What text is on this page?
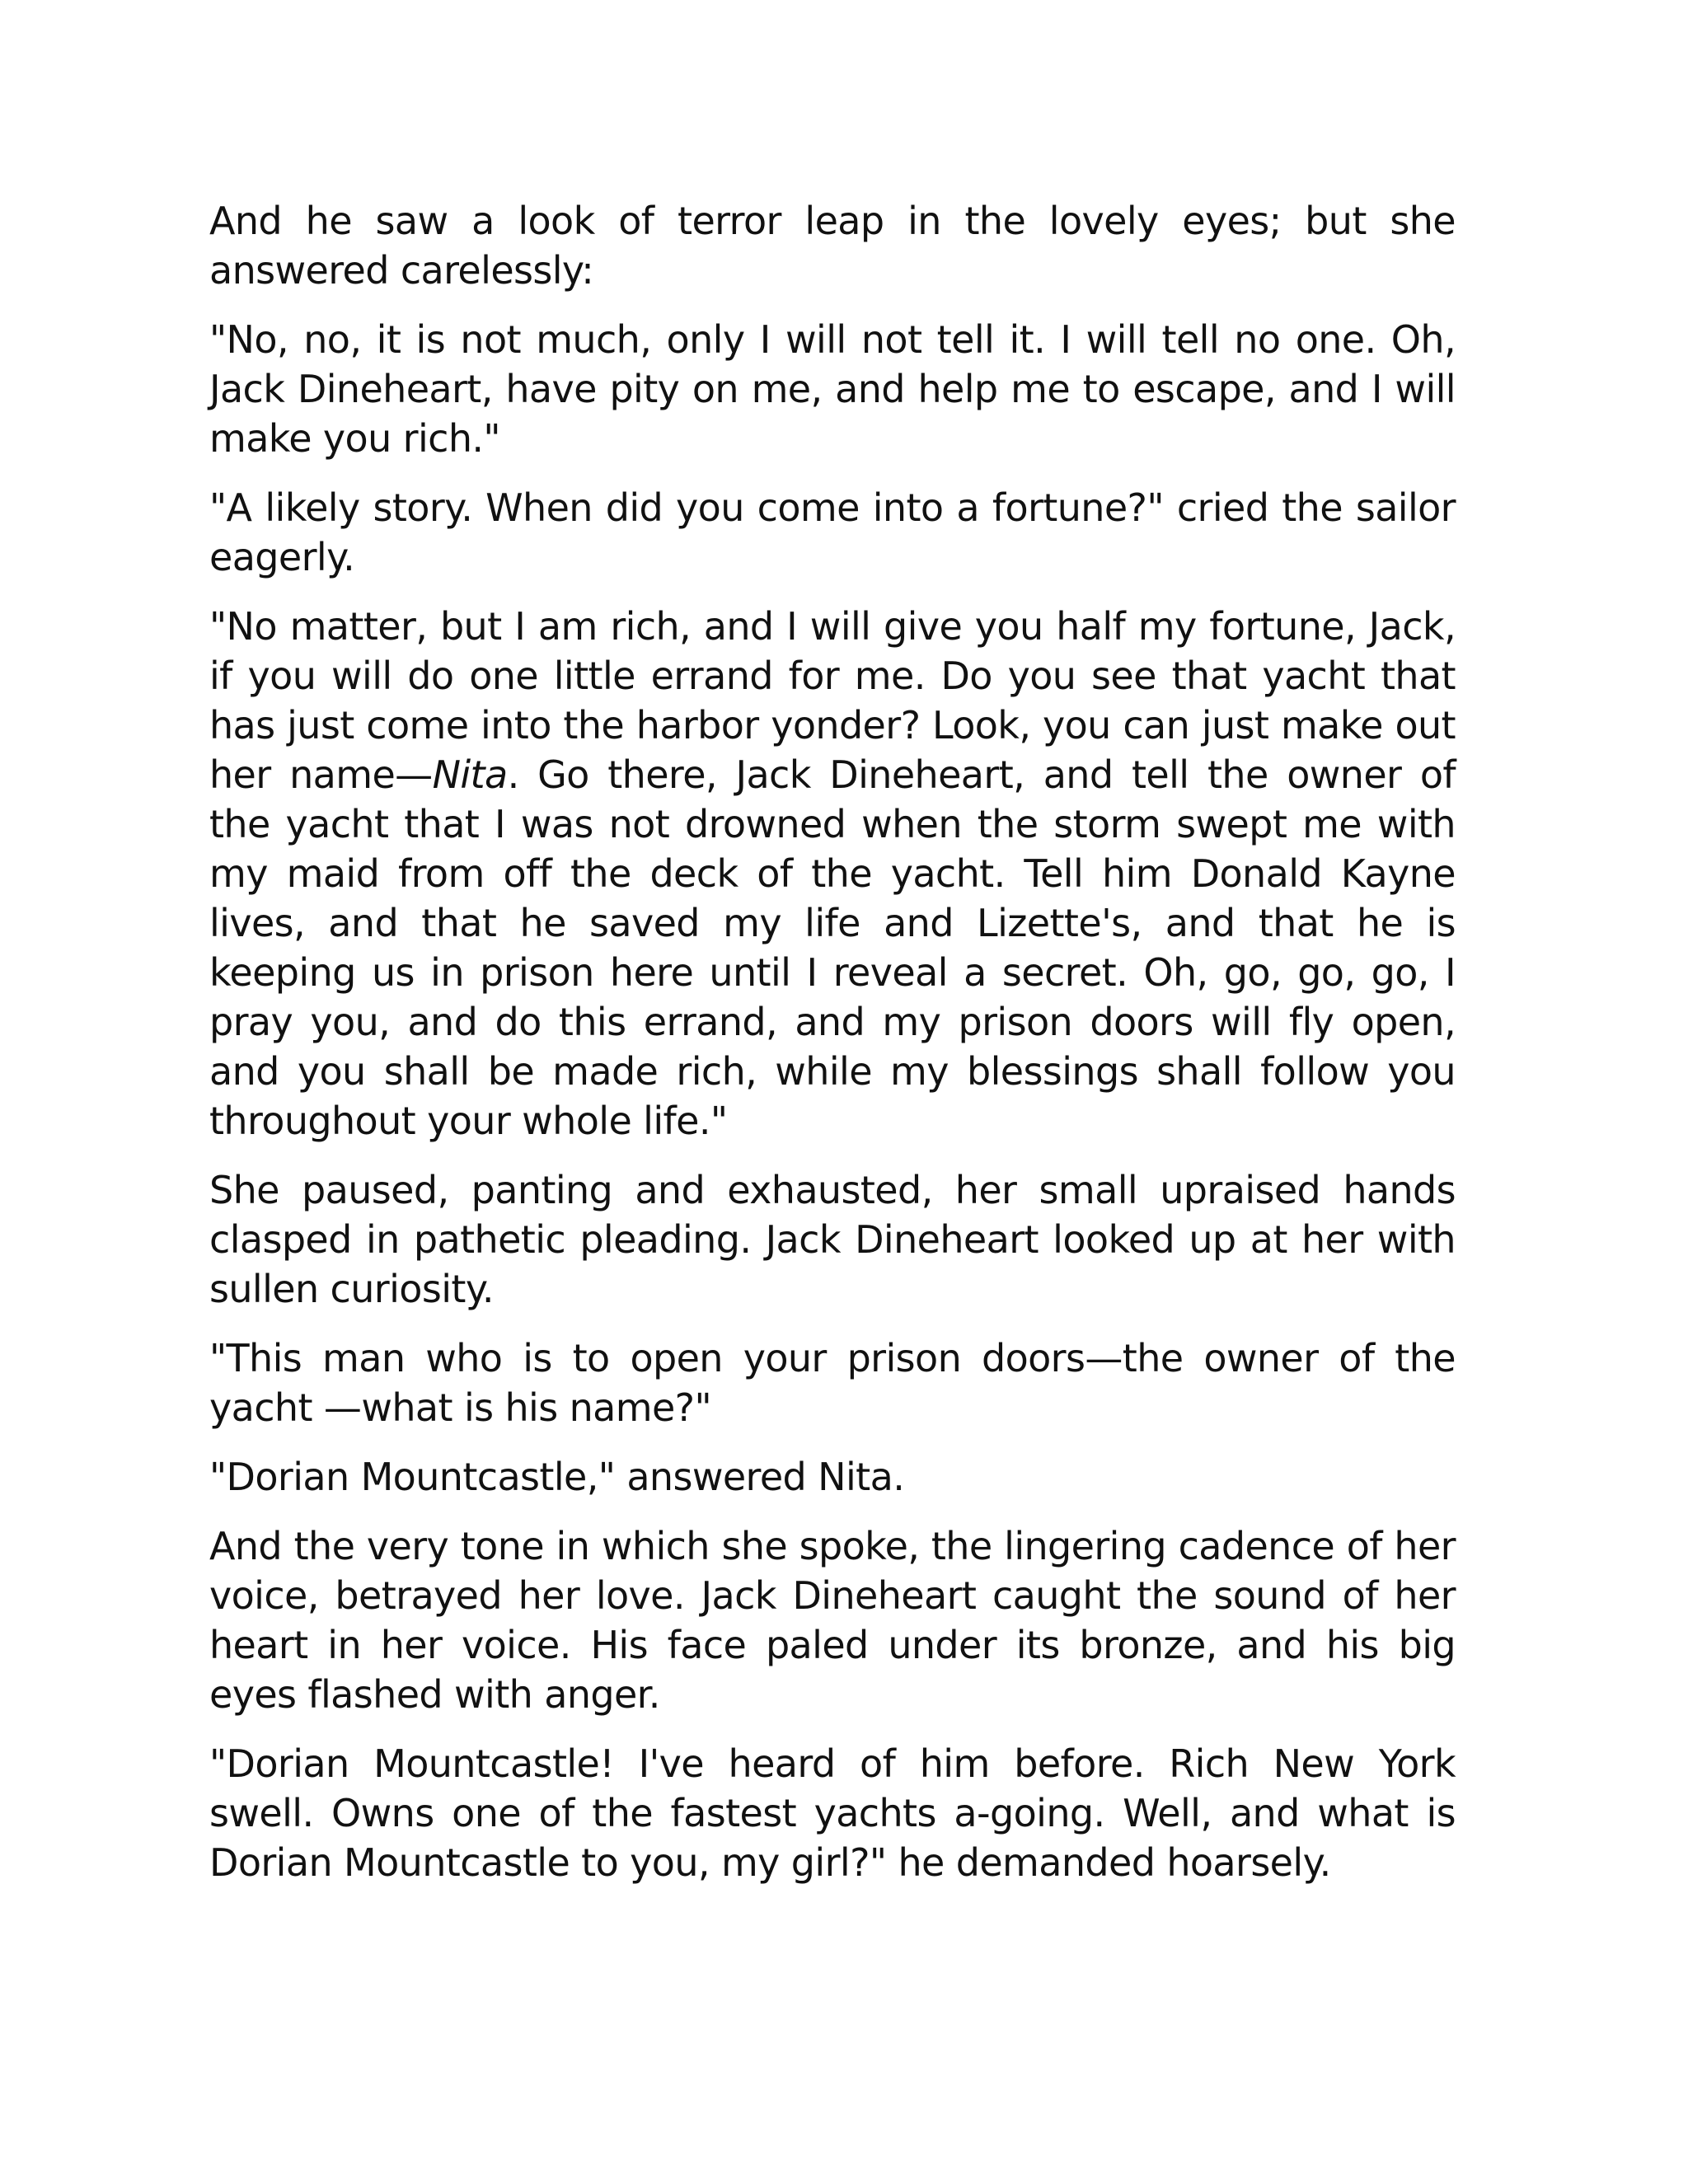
And he saw a look of terror leap in the lovely eyes; but she answered carelessly:

"No, no, it is not much, only I will not tell it. I will tell no one. Oh, Jack Dineheart, have pity on me, and help me to escape, and I will make you rich."

"A likely story. When did you come into a fortune?" cried the sailor eagerly.

"No matter, but I am rich, and I will give you half my fortune, Jack, if you will do one little errand for me. Do you see that yacht that has just come into the harbor yonder? Look, you can just make out her name—Nita. Go there, Jack Dineheart, and tell the owner of the yacht that I was not drowned when the storm swept me with my maid from off the deck of the yacht. Tell him Donald Kayne lives, and that he saved my life and Lizette's, and that he is keeping us in prison here until I reveal a secret. Oh, go, go, go, I pray you, and do this errand, and my prison doors will fly open, and you shall be made rich, while my blessings shall follow you throughout your whole life."

She paused, panting and exhausted, her small upraised hands clasped in pathetic pleading. Jack Dineheart looked up at her with sullen curiosity.

"This man who is to open your prison doors—the owner of the yacht —what is his name?"

"Dorian Mountcastle," answered Nita.

And the very tone in which she spoke, the lingering cadence of her voice, betrayed her love. Jack Dineheart caught the sound of her heart in her voice. His face paled under its bronze, and his big eyes flashed with anger.

"Dorian Mountcastle! I've heard of him before. Rich New York swell. Owns one of the fastest yachts a-going. Well, and what is Dorian Mountcastle to you, my girl?" he demanded hoarsely.
